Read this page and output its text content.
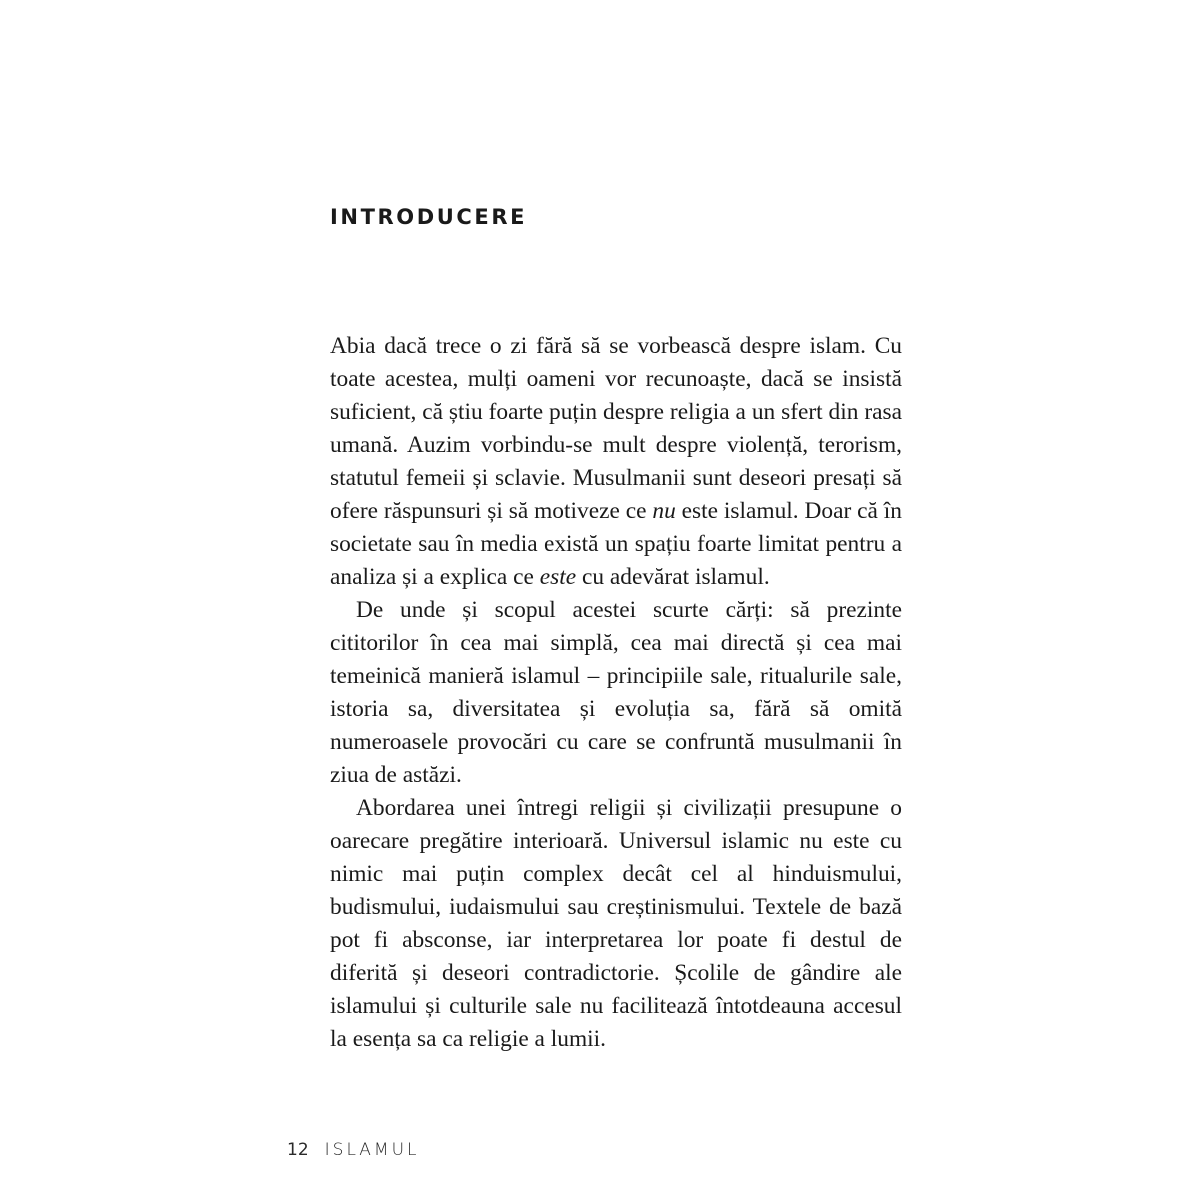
INTRODUCERE

Abia dacă trece o zi fără să se vorbească despre islam. Cu toate acestea, mulți oameni vor recunoaște, dacă se insistă suficient, că știu foarte puțin despre religia a un sfert din rasa umană. Auzim vorbindu-se mult despre violență, terorism, statutul femeii și sclavie. Musulmanii sunt deseori presați să ofere răspunsuri și să motiveze ce nu este islamul. Doar că în societate sau în media există un spațiu foarte limitat pentru a analiza și a explica ce este cu adevărat islamul.

De unde și scopul acestei scurte cărți: să prezinte cititorilor în cea mai simplă, cea mai directă și cea mai temeinică manieră islamul – principiile sale, ritualurile sale, istoria sa, diversitatea și evoluția sa, fără să omită numeroasele provocări cu care se confruntă musulmanii în ziua de astăzi.

Abordarea unei întregi religii și civilizații presupune o oarecare pregătire interioară. Universul islamic nu este cu nimic mai puțin complex decât cel al hinduismului, budismului, iudaismului sau creștinismului. Textele de bază pot fi absconse, iar interpretarea lor poate fi destul de diferită și deseori contradictorie. Școlile de gândire ale islamului și culturile sale nu facilitează întotdeauna accesul la esența sa ca religie a lumii.

12 ISLAMUL
